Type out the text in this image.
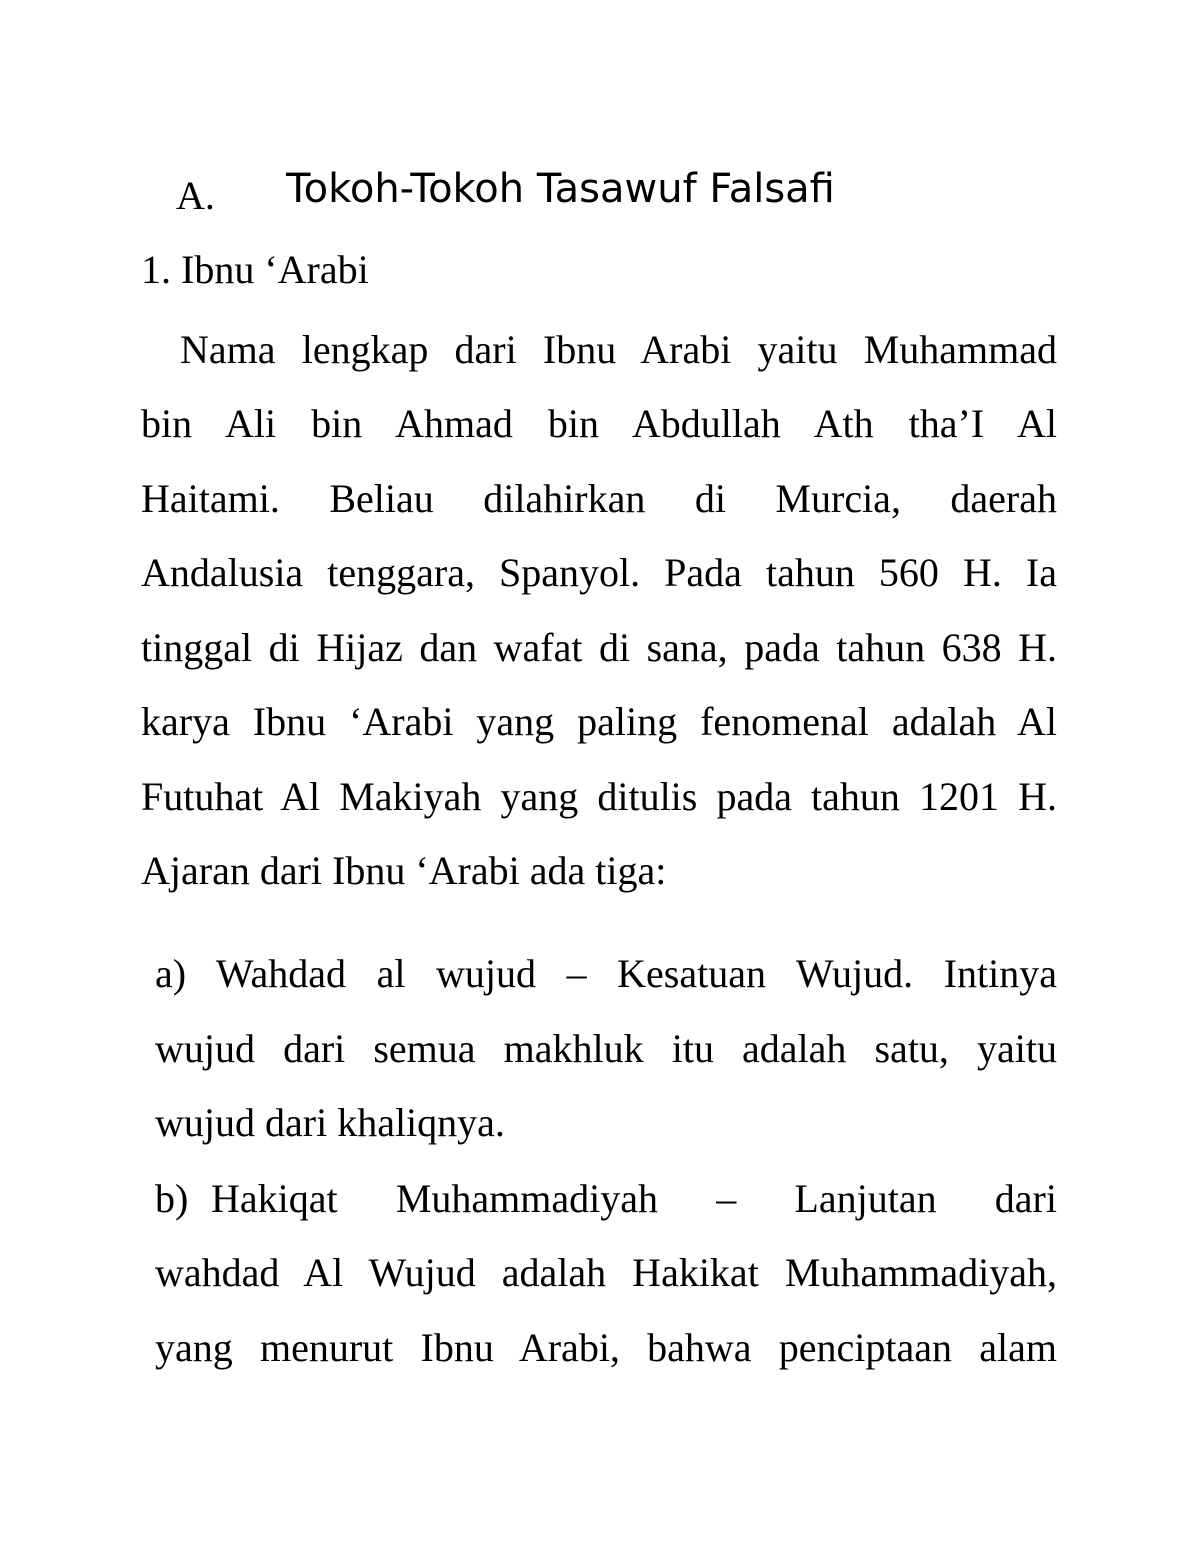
A. Tokoh-Tokoh Tasawuf Falsafi
1. Ibnu ‘Arabi
Nama lengkap dari Ibnu Arabi yaitu Muhammad
bin Ali bin Ahmad bin Abdullah Ath tha’I Al
Haitami. Beliau dilahirkan di Murcia, daerah
Andalusia tenggara, Spanyol. Pada tahun 560 H. Ia
tinggal di Hijaz dan wafat di sana, pada tahun 638 H.
karya Ibnu ‘Arabi yang paling fenomenal adalah Al
Futuhat Al Makiyah yang ditulis pada tahun 1201 H.
Ajaran dari Ibnu ‘Arabi ada tiga:
a) Wahdad al wujud – Kesatuan Wujud. Intinya
wujud dari semua makhluk itu adalah satu, yaitu
wujud dari khaliqnya.
b) Hakiqat Muhammadiyah – Lanjutan dari
wahdad Al Wujud adalah Hakikat Muhammadiyah,
yang menurut Ibnu Arabi, bahwa penciptaan alam
